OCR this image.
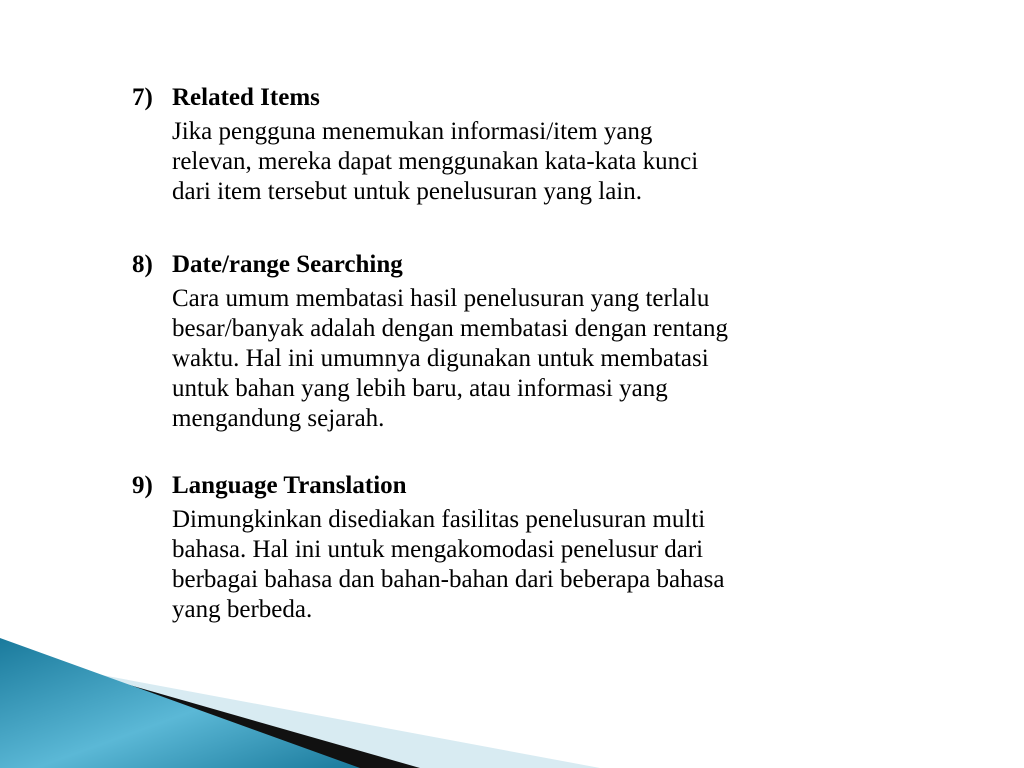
7) Related Items
Jika pengguna menemukan informasi/item yang
relevan, mereka dapat menggunakan kata-kata kunci
dari item tersebut untuk penelusuran yang lain.
8) Date/range Searching
Cara umum membatasi hasil penelusuran yang terlalu
besar/banyak adalah dengan membatasi dengan rentang
waktu. Hal ini umumnya digunakan untuk membatasi
untuk bahan yang lebih baru, atau informasi yang
mengandung sejarah.
9) Language Translation
Dimungkinkan disediakan fasilitas penelusuran multi
bahasa. Hal ini untuk mengakomodasi penelusur dari
berbagai bahasa dan bahan-bahan dari beberapa bahasa
yang berbeda.
